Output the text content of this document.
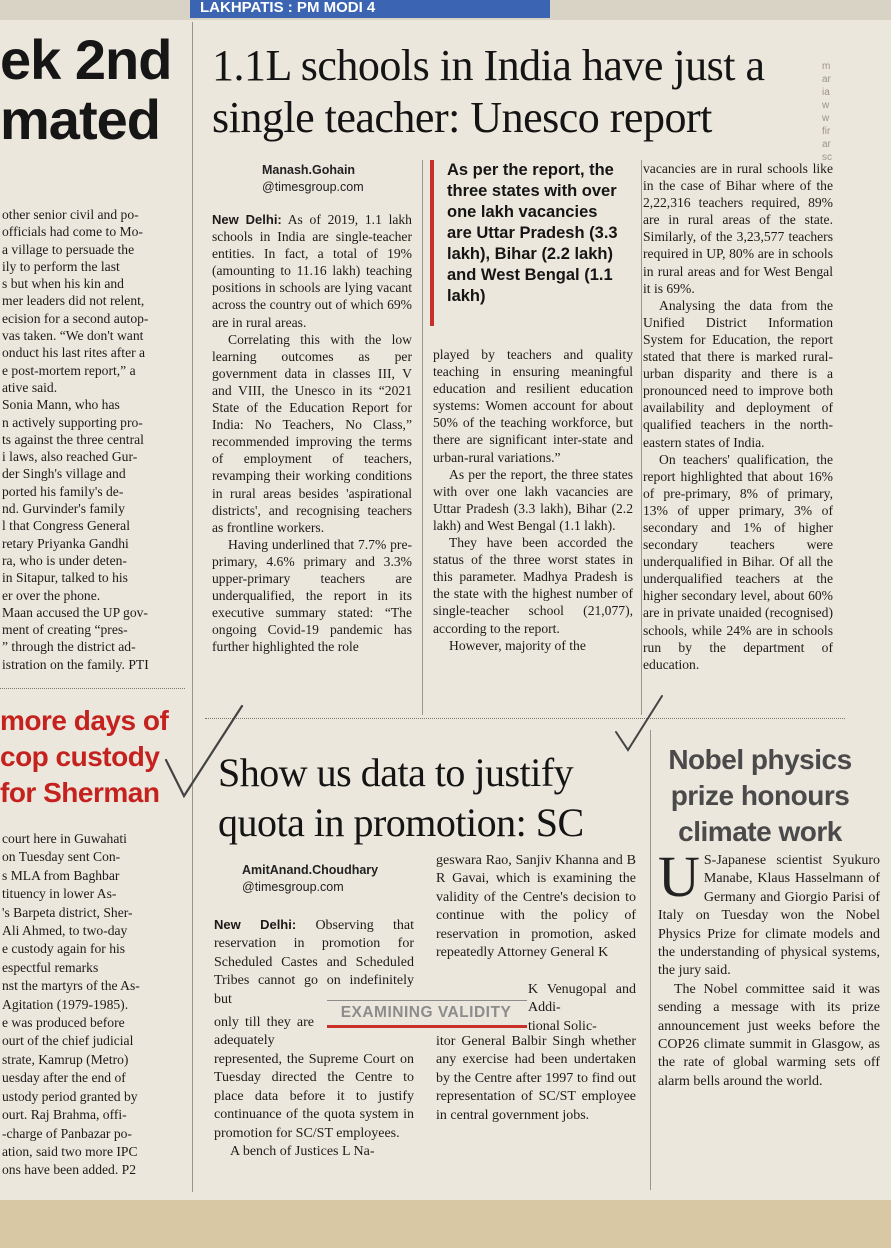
LAKHPATIS : PM MODI 4
ek 2nd
mated

other senior civil and po-

officials had come to Mo-

a village to persuade the

ily to perform the last

s but when his kin and

mer leaders did not relent,

ecision for a second autop-

vas taken. “We don't want

onduct his last rites after a

e post-mortem report,” a

ative said.

Sonia Mann, who has

n actively supporting pro-

ts against the three central

i laws, also reached Gur-

der Singh's village and

ported his family's de-

nd. Gurvinder's family

l that Congress General

retary Priyanka Gandhi

ra, who is under deten-

in Sitapur, talked to his

er over the phone.

Maan accused the UP gov-

ment of creating “pres-

” through the district ad-

istration on the family. PTI

1.1L schools in India have just a single teacher: Unesco report
m
ar
ia
w
w
fir
ar
sc
Manash.Gohain
@timesgroup.com

New Delhi: As of 2019, 1.1 lakh schools in India are single-teacher entities. In fact, a total of 19% (amounting to 11.16 lakh) teaching positions in schools are lying vacant across the country out of which 69% are in rural areas.

Correlating this with the low learning outcomes as per government data in classes III, V and VIII, the Unesco in its “2021 State of the Education Report for India: No Teachers, No Class,” recommended improving the terms of employment of teachers, revamping their working conditions in rural areas besides 'aspirational districts', and recognising teachers as frontline workers.

Having underlined that 7.7% pre-primary, 4.6% primary and 3.3% upper-primary teachers are underqualified, the report in its executive summary stated: “The ongoing Covid-19 pandemic has further highlighted the role

As per the report, the three states with over one lakh vacancies are Uttar Pradesh (3.3 lakh), Bihar (2.2 lakh) and West Bengal (1.1 lakh)

played by teachers and quality teaching in ensuring meaningful education and resilient education systems: Women account for about 50% of the teaching workforce, but there are significant inter-state and urban-rural variations.”

As per the report, the three states with over one lakh vacancies are Uttar Pradesh (3.3 lakh), Bihar (2.2 lakh) and West Bengal (1.1 lakh).

They have been accorded the status of the three worst states in this parameter. Madhya Pradesh is the state with the highest number of single-teacher school (21,077), according to the report.

However, majority of the

vacancies are in rural schools like in the case of Bihar where of the 2,22,316 teachers required, 89% are in rural areas of the state. Similarly, of the 3,23,577 teachers required in UP, 80% are in schools in rural areas and for West Bengal it is 69%.

Analysing the data from the Unified District Information System for Education, the report stated that there is marked rural-urban disparity and there is a pronounced need to improve both availability and deployment of qualified teachers in the north-eastern states of India.

On teachers' qualification, the report highlighted that about 16% of pre-primary, 8% of primary, 13% of upper primary, 3% of secondary and 1% of higher secondary teachers were underqualified in Bihar. Of all the underqualified teachers at the higher secondary level, about 60% are in private unaided (recognised) schools, while 24% are in schools run by the department of education.

more days of
cop custody
for Sherman

court here in Guwahati

on Tuesday sent Con-

s MLA from Baghbar

tituency in lower As-

's Barpeta district, Sher-

Ali Ahmed, to two-day

e custody again for his

espectful remarks

nst the martyrs of the As-

Agitation (1979-1985).

e was produced before

ourt of the chief judicial

strate, Kamrup (Metro)

uesday after the end of

ustody period granted by

ourt. Raj Brahma, offi-

-charge of Panbazar po-

ation, said two more IPC

ons have been added. P2

Show us data to justify quota in promotion: SC
AmitAnand.Choudhary
@timesgroup.com

New Delhi: Observing that reservation in promotion for Scheduled Castes and Scheduled Tribes cannot go on indefinitely but

only till they are adequately

represented, the Supreme Court on Tuesday directed the Centre to place data before it to justify continuance of the quota system in promotion for SC/ST employees.

A bench of Justices L Na-

geswara Rao, Sanjiv Khanna and B R Gavai, which is examining the validity of the Centre's decision to continue with the policy of reservation in promotion, asked repeatedly Attorney General K

K Venugopal and Addi-

tional Solic-

itor General Balbir Singh whether any exercise had been undertaken by the Centre after 1997 to find out representation of SC/ST employee in central government jobs.

EXAMINING VALIDITY
Nobel physics prize honours climate work

U S-Japanese scientist Syukuro Manabe, Klaus Hasselmann of Germany and Giorgio Parisi of Italy on Tuesday won the Nobel Physics Prize for climate models and the understanding of physical systems, the jury said.

The Nobel committee said it was sending a message with its prize announcement just weeks before the COP26 climate summit in Glasgow, as the rate of global warming sets off alarm bells around the world.
